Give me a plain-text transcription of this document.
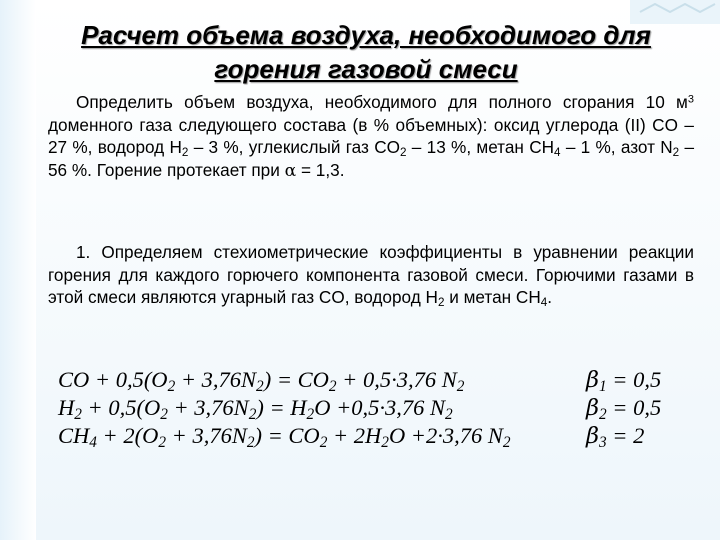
Расчет объема воздуха, необходимого для
горения газовой смеси
Определить объем воздуха, необходимого для полного сгорания 10 $м^3$ доменного газа следующего состава (в % объемных): оксид углерода (II) CO – 27 %, водород $H_2 - 3$ %, углекислый газ $CO_2 - 13$ %, метан $CH_4 - 1$ %, азот $N_2 - 56$ %. Горение протекает при α = 1,3.
1. Определяем стехиометрические коэффициенты в уравнении реакции горения для каждого горючего компонента газовой смеси. Горючими газами в этой смеси являются угарный газ CO, водород $H_2$ и метан $CH_4$.
CO + $0,5(O_2 + 3,76N_2) = CO_2 + 0,5\cdot 3,76$ $N_2$	$\beta_1 = 0,5$
$H_2 + 0,5(O_2 + 3,76N_2) = H_2O +0,5\cdot 3,76$ $N_2$	$\beta_2 = 0,5$
$CH_4 + 2(O_2 + 3,76N_2) = CO_2 + 2H_2O +2\cdot 3,76$ $N_2$	$\beta_3 = 2$
